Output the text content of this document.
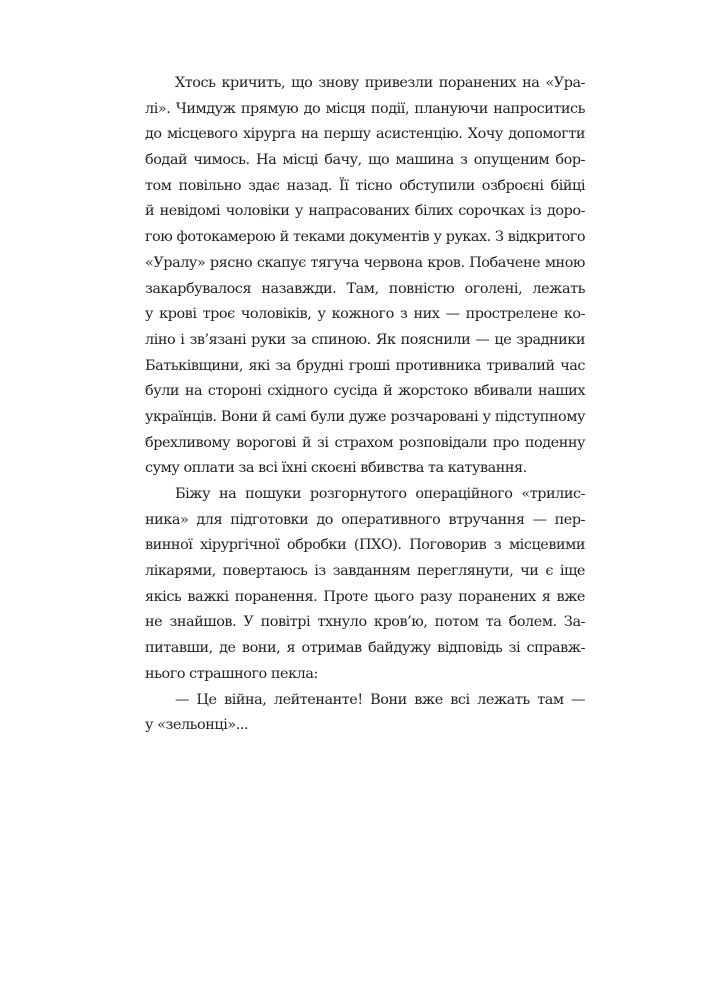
Хтось кричить, що знову привезли поранених на «Ура-
лі». Чимдуж прямую до місця події, плануючи напроситись
до місцевого хірурга на першу асистенцію. Хочу допомогти
бодай чимось. На місці бачу, що машина з опущеним бор-
том повільно здає назад. Її тісно обступили озброєні бійці
й невідомі чоловіки у напрасованих білих сорочках із доро-
гою фотокамерою й теками документів у руках. З відкритого
«Уралу» рясно скапує тягуча червона кров. Побачене мною
закарбувалося назавжди. Там, повністю оголені, лежать
у крові троє чоловіків, у кожного з них — прострелене ко-
ліно і зв’язані руки за спиною. Як пояснили — це зрадники
Батьківщини, які за брудні гроші противника тривалий час
були на стороні східного сусіда й жорстоко вбивали наших
українців. Вони й самі були дуже розчаровані у підступному
брехливому ворогові й зі страхом розповідали про поденну
суму оплати за всі їхні скоєні вбивства та катування.
Біжу на пошуки розгорнутого операційного «трилис-
ника» для підготовки до оперативного втручання — пер-
винної хірургічної обробки (ПХО). Поговорив з місцевими
лікарями, повертаюсь із завданням переглянути, чи є іще
якісь важкі поранення. Проте цього разу поранених я вже
не знайшов. У повітрі тхнуло кров’ю, потом та болем. За-
питавши, де вони, я отримав байдужу відповідь зі справж-
нього страшного пекла:
— Це війна, лейтенанте! Вони вже всі лежать там —
у «зельонці»...
